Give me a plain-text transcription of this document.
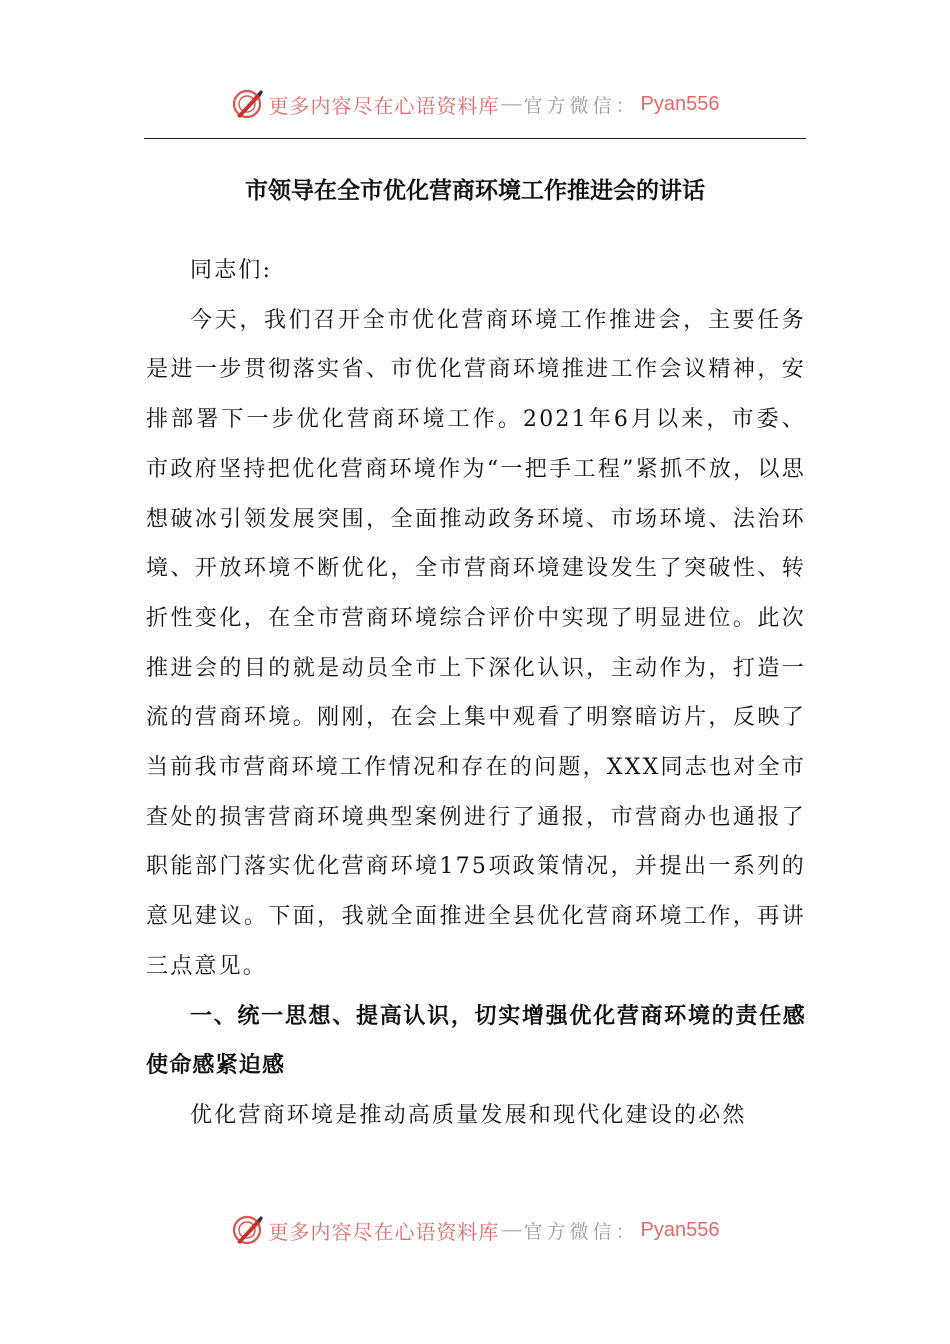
更多内容尽在心语资料库 — 官方微信： Pyan556
市领导在全市优化营商环境工作推进会的讲话

同志们:

今天，我们召开全市优化营商环境工作推进会，主要任务是进一步贯彻落实省、市优化营商环境推进工作会议精神，安排部署下一步优化营商环境工作。2021年6月以来，市委、市政府坚持把优化营商环境作为“一把手工程”紧抓不放，以思想破冰引领发展突围，全面推动政务环境、市场环境、法治环境、开放环境不断优化，全市营商环境建设发生了突破性、转折性变化，在全市营商环境综合评价中实现了明显进位。此次推进会的目的就是动员全市上下深化认识，主动作为，打造一流的营商环境。刚刚，在会上集中观看了明察暗访片，反映了当前我市营商环境工作情况和存在的问题，XXX同志也对全市查处的损害营商环境典型案例进行了通报，市营商办也通报了职能部门落实优化营商环境175项政策情况，并提出一系列的意见建议。下面，我就全面推进全县优化营商环境工作，再讲三点意见。

一、统一思想、提高认识，切实增强优化营商环境的责任感使命感紧迫感

优化营商环境是推动高质量发展和现代化建设的必然

更多内容尽在心语资料库 — 官方微信： Pyan556
